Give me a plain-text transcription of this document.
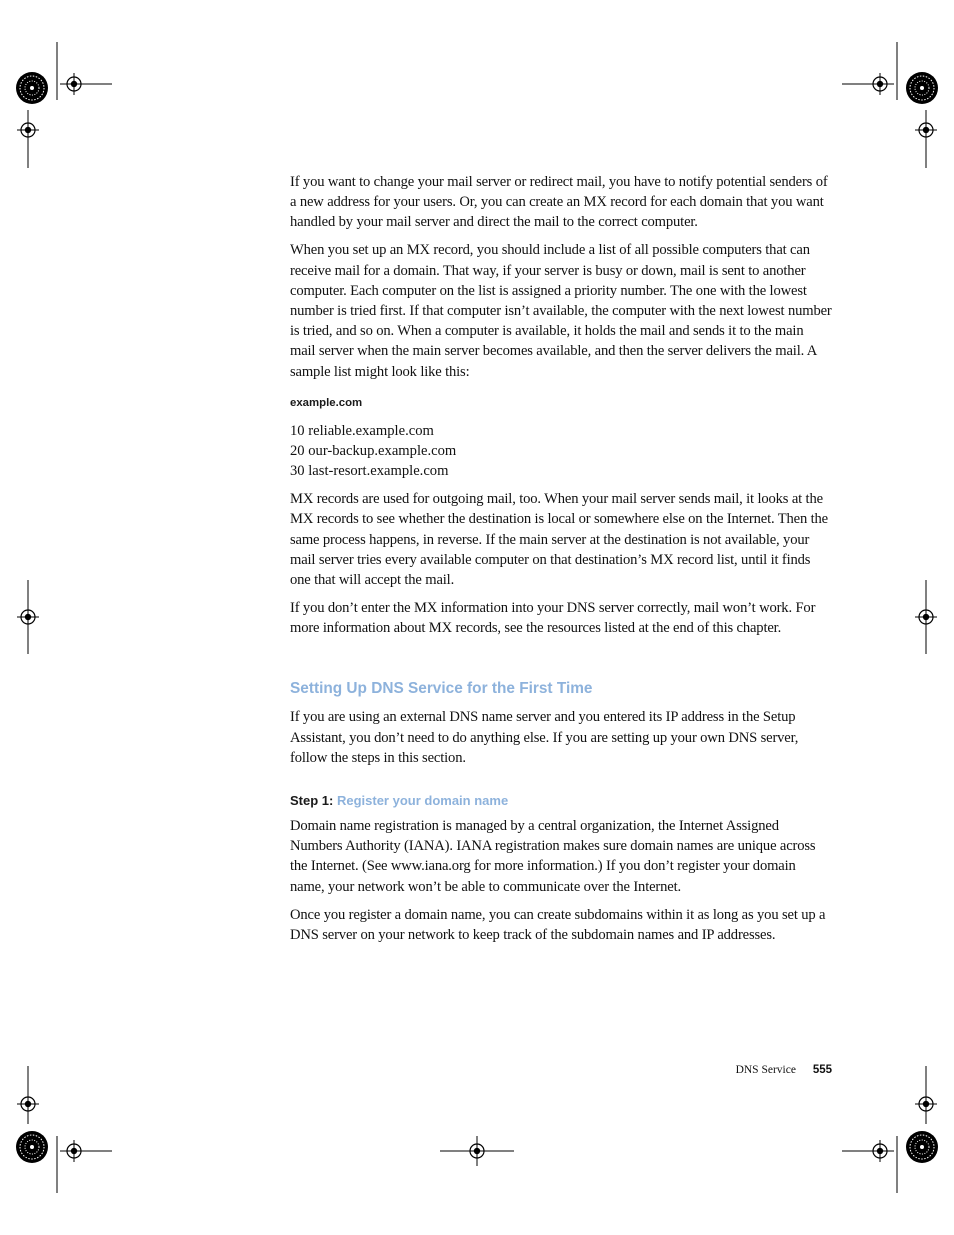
If you want to change your mail server or redirect mail, you have to notify potential senders of a new address for your users. Or, you can create an MX record for each domain that you want handled by your mail server and direct the mail to the correct computer.

When you set up an MX record, you should include a list of all possible computers that can receive mail for a domain. That way, if your server is busy or down, mail is sent to another computer. Each computer on the list is assigned a priority number. The one with the lowest number is tried first. If that computer isn’t available, the computer with the next lowest number is tried, and so on. When a computer is available, it holds the mail and sends it to the main mail server when the main server becomes available, and then the server delivers the mail. A sample list might look like this:

example.com

10 reliable.example.com

20 our-backup.example.com

30 last-resort.example.com

MX records are used for outgoing mail, too. When your mail server sends mail, it looks at the MX records to see whether the destination is local or somewhere else on the Internet. Then the same process happens, in reverse. If the main server at the destination is not available, your mail server tries every available computer on that destination’s MX record list, until it finds one that will accept the mail.

If you don’t enter the MX information into your DNS server correctly, mail won’t work. For more information about MX records, see the resources listed at the end of this chapter.

Setting Up DNS Service for the First Time

If you are using an external DNS name server and you entered its IP address in the Setup Assistant, you don’t need to do anything else. If you are setting up your own DNS server, follow the steps in this section.

Step 1: Register your domain name

Domain name registration is managed by a central organization, the Internet Assigned Numbers Authority (IANA). IANA registration makes sure domain names are unique across the Internet. (See www.iana.org for more information.) If you don’t register your domain name, your network won’t be able to communicate over the Internet.

Once you register a domain name, you can create subdomains within it as long as you set up a DNS server on your network to keep track of the subdomain names and IP addresses.

DNS Service 555
